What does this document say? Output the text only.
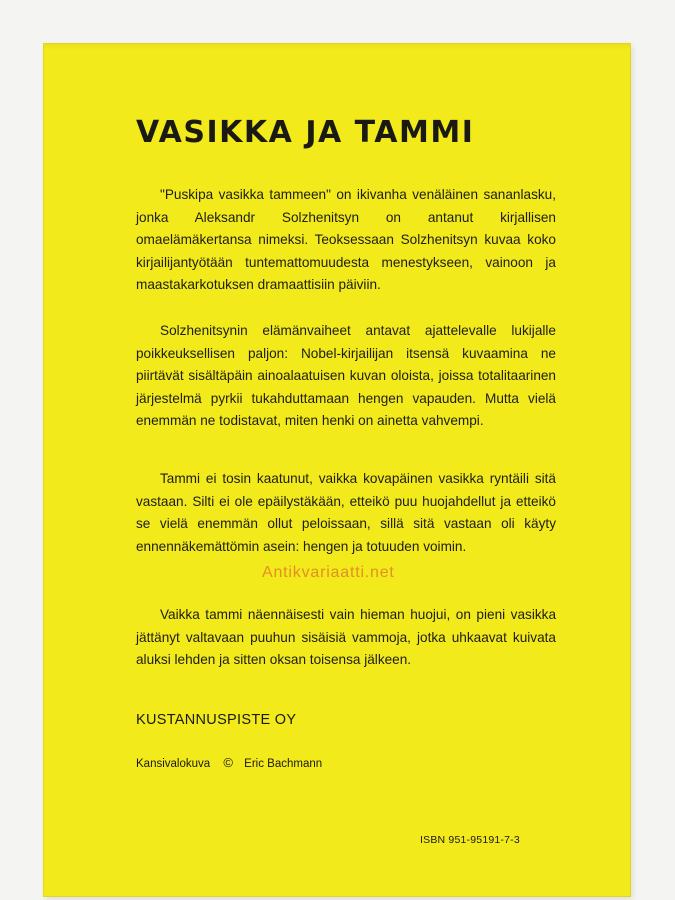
VASIKKA JA TAMMI

"Puskipa vasikka tammeen" on ikivanha venäläinen sananlasku, jonka Aleksandr Solzhenitsyn on antanut kirjallisen omaelämäkertansa nimeksi. Teoksessaan Solzhenitsyn kuvaa koko kirjailijantyötään tuntemattomuudesta menestykseen, vainoon ja maastakarkotuksen dramaattisiin päiviin.

Solzhenitsynin elämänvaiheet antavat ajattelevalle lukijalle poikkeuksellisen paljon: Nobel-kirjailijan itsensä kuvaamina ne piirtävät sisältäpäin ainoalaatuisen kuvan oloista, joissa totalitaarinen järjestelmä pyrkii tukahduttamaan hengen vapauden. Mutta vielä enemmän ne todistavat, miten henki on ainetta vahvempi.

Tammi ei tosin kaatunut, vaikka kovapäinen vasikka ryntäili sitä vastaan. Silti ei ole epäilystäkään, etteikö puu huojahdellut ja etteikö se vielä enemmän ollut peloissaan, sillä sitä vastaan oli käyty ennennäkemättömin asein: hengen ja totuuden voimin.

Vaikka tammi näennäisesti vain hieman huojui, on pieni vasikka jättänyt valtavaan puuhun sisäisiä vammoja, jotka uhkaavat kuivata aluksi lehden ja sitten oksan toisensa jälkeen.

KUSTANNUSPISTE OY
Kansivalokuva © Eric Bachmann
ISBN 951-95191-7-3
Antikvariaatti.net
